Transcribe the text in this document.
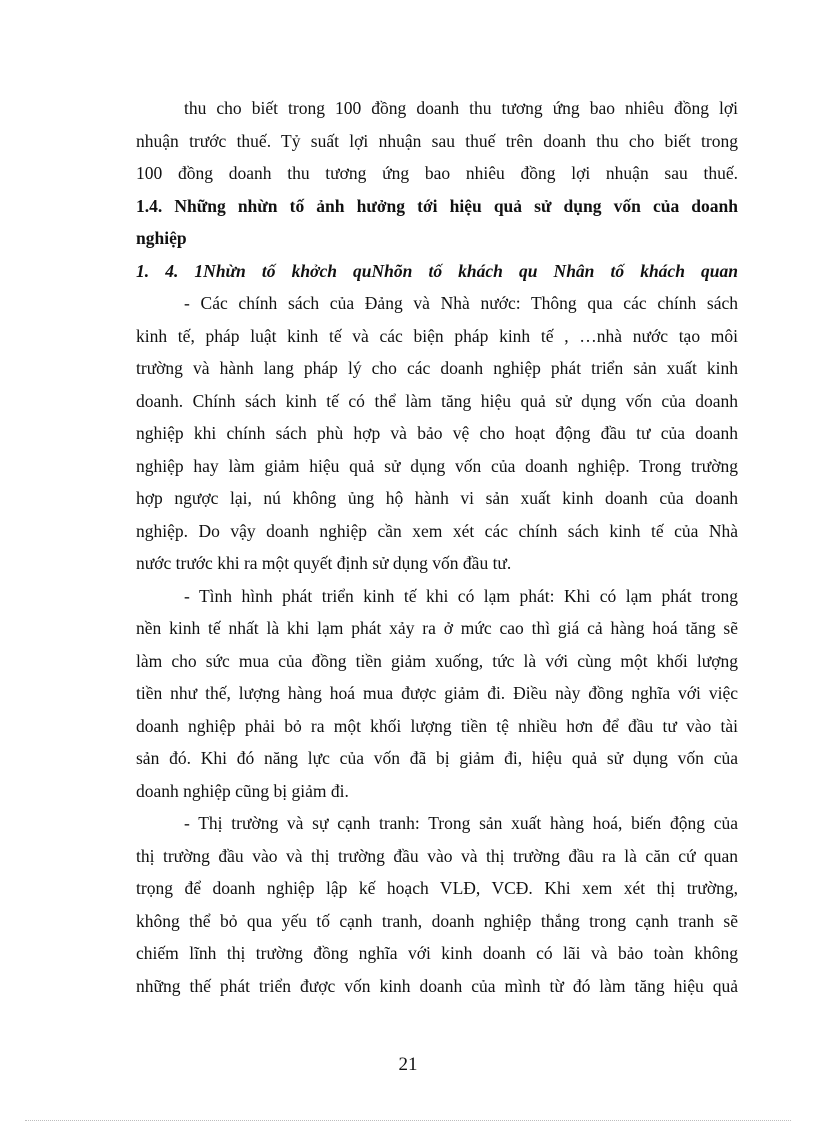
thu cho biết trong 100 đồng doanh thu tương ứng bao nhiêu đồng lợi
nhuận trước thuế. Tỷ suất lợi nhuận sau thuế trên doanh thu cho biết trong
100 đồng doanh thu tương ứng bao nhiêu đồng lợi nhuận sau thuế.
1.4. Những nhừn tố ảnh hưởng tới hiệu quả sử dụng vốn của doanh
nghiệp
1. 4. 1Nhừn tố khởch quNhõn tố khách qu Nhân tố khách quan
- Các chính sách của Đảng và Nhà nước: Thông qua các chính sách
kinh tế, pháp luật kinh tế và các biện pháp kinh tế , …nhà nước tạo môi
trường và hành lang pháp lý cho các doanh nghiệp phát triển sản xuất kinh
doanh. Chính sách kinh tế có thể làm tăng hiệu quả sử dụng vốn của doanh
nghiệp khi chính sách phù hợp và bảo vệ cho hoạt động đầu tư của doanh
nghiệp hay làm giảm hiệu quả sử dụng vốn của doanh nghiệp. Trong trường
hợp ngược lại, nú không ủng hộ hành vi sản xuất kinh doanh của doanh
nghiệp. Do vậy doanh nghiệp cần xem xét các chính sách kinh tế của Nhà
nước trước khi ra một quyết định sử dụng vốn đầu tư.
- Tình hình phát triển kinh tế khi có lạm phát: Khi có lạm phát trong
nền kinh tế nhất là khi lạm phát xảy ra ở mức cao thì giá cả hàng hoá tăng sẽ
làm cho sức mua của đồng tiền giảm xuống, tức là với cùng một khối lượng
tiền như thế, lượng hàng hoá mua được giảm đi. Điều này đồng nghĩa với việc
doanh nghiệp phải bỏ ra một khối lượng tiền tệ nhiều hơn để đầu tư vào tài
sản đó. Khi đó năng lực của vốn đã bị giảm đi, hiệu quả sử dụng vốn của
doanh nghiệp cũng bị giảm đi.
- Thị trường và sự cạnh tranh: Trong sản xuất hàng hoá, biến động của
thị trường đầu vào và thị trường đầu vào và thị trường đầu ra là căn cứ quan
trọng để doanh nghiệp lập kế hoạch VLĐ, VCĐ. Khi xem xét thị trường,
không thể bỏ qua yếu tố cạnh tranh, doanh nghiệp thắng trong cạnh tranh sẽ
chiếm lĩnh thị trường đồng nghĩa với kinh doanh có lãi và bảo toàn không
những thế phát triển được vốn kinh doanh của mình từ đó làm tăng hiệu quả
21
